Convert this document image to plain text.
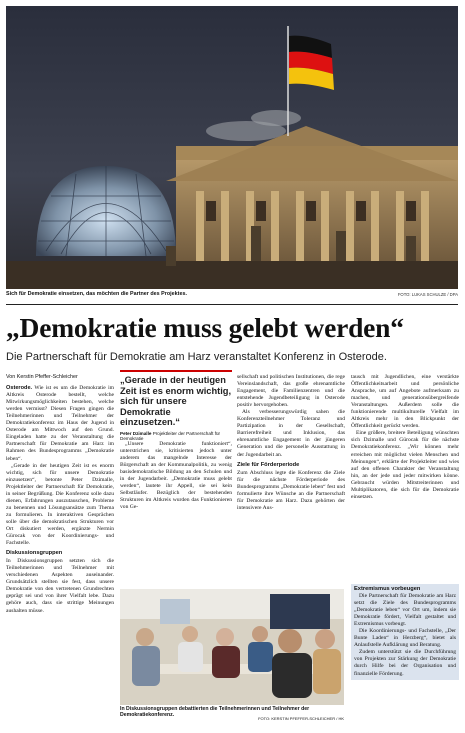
Sich für Demokratie einsetzen, das möchten die Partner des Projektes.	FOTO: LUKAS SCHULZE / DPA
„Demokratie muss gelebt werden“
Die Partnerschaft für Demokratie am Harz veranstaltet Konferenz in Osterode.
Von Kerstin Pfeffer-Schleicher

Osterode. Wie ist es um die Demokratie im Altkreis Osterode bestellt, welche Mitwirkungsmöglichkeiten bestehen, welche werden vermisst? Diesen Fragen gingen die Teilnehmerinnen und Teilnehmer der Demokratiekonferenz im Haus der Jugend in Osterode am Mittwoch auf den Grund. Eingeladen hatte zu der Veranstaltung die Partnerschaft für Demokratie am Harz im Rahmen des Bundesprogramms „Demokratie leben“.

„Gerade in der heutigen Zeit ist es enorm wichtig, sich für unsere Demokratie einzusetzen“, betonte Peter Dzimalle, Projektleiter der Partnerschaft für Demokratie, in seiner Begrüßung. Die Konferenz solle dazu dienen, Erfahrungen auszutauschen, Probleme zu benennen und Lösungsansätze zum Thema zu formulieren. In interaktiven Gesprächen solle über die demokratischen Strukturen vor Ort diskutiert werden, ergänzte Nermin Gürocak von der Koordinierungs- und Fachstelle.

Diskussionsgruppen

In Diskussionsgruppen setzten sich die Teilnehmerinnen und Teilnehmer mit verschiedenen Aspekten auseinander. Grundsätzlich stellten sie fest, dass unsere Demokratie von den vertretenen Grundrechten geprägt sei und von ihrer Vielfalt lebe. Dazu gehöre auch, dass sie strittige Meinungen aushalten müsse.

„Gerade in der heutigen Zeit ist es enorm wichtig, sich für unsere Demokratie einzusetzen.“
Peter Dzimalle Projektleiter der Partnerschaft für Demokratie

„Unsere Demokratie funktioniert“, unterstrichen sie, kritisierten jedoch unter anderem das mangelnde Interesse der Bürgerschaft an der Kommunalpolitik, zu wenig basisdemokratische Bildung an den Schulen und in der Jugendarbeit. „Demokratie muss gelebt werden“, lautete ihr Appell, sie sei kein Selbstläufer. Bezüglich der bestehenden Strukturen im Altkreis wurden das Funktionieren von Ge-

sellschaft und politischen Institutionen, die rege Vereinslandschaft, das große ehrenamtliche Engagement, die Familienzentren und die entstehende Jugendbeteiligung in Osterode positiv hervorgehoben.

Als verbesserungswürdig sahen die Konferenzteilnehmer Toleranz und Partizipation in der Gesellschaft, Barrierefreiheit und Inklusion, das ehrenamtliche Engagement in der jüngeren Generation und die personelle Ausstattung in der Jugendarbeit an.

Ziele für Förderperiode

Zum Abschluss legte die Konferenz die Ziele für die nächste Förderperiode des Bundesprogramms „Demokratie leben“ fest und formulierte ihre Wünsche an die Partnerschaft für Demokratie am Harz. Dazu gehörten der intensivere Aus-

tausch mit Jugendlichen, eine verstärkte Öffentlichkeitsarbeit und persönliche Ansprache, um auf Angebote aufmerksam zu machen, und generationsübergreifende Veranstaltungen. Außerdem solle die funktionierende multikulturelle Vielfalt im Altkreis mehr in den Blickpunkt der Öffentlichkeit gerückt werden.

Eine größere, breitere Beteiligung wünschten sich Dzimalle und Gürocak für die nächste Demokratiekonferenz. „Wir können mehr erreichen mit möglichst vielen Menschen und Meinungen“, erklärte der Projektleiter und wies auf den offenen Charakter der Veranstaltung hin, an der jede und jeder mitwirken könne. Gebraucht würden Mitstreiterinnen und Multiplikatoren, die sich für die Demokratie einsetzen.

Extremismus vorbeugen

Die Partnerschaft für Demokratie am Harz setzt die Ziele des Bundesprogramms „Demokratie leben“ vor Ort um, indem sie Demokratie fördert, Vielfalt gestaltet und Extremismus vorbeugt.

Die Koordinierungs- und Fachstelle, „Der Bunte Laden“ in Herzberg“, bietet als Anlaufstelle Aufklärung und Beratung.

Zudem unterstützt sie die Durchführung von Projekten zur Stärkung der Demokratie durch Hilfe bei der Organisation und finanzielle Förderung.

In Diskussionsgruppen debattierten die Teilnehmerinnen und Teilnehmer der Demokratiekonferenz.
FOTO: KERSTIN PFEFFER-SCHLEICHER / HK
